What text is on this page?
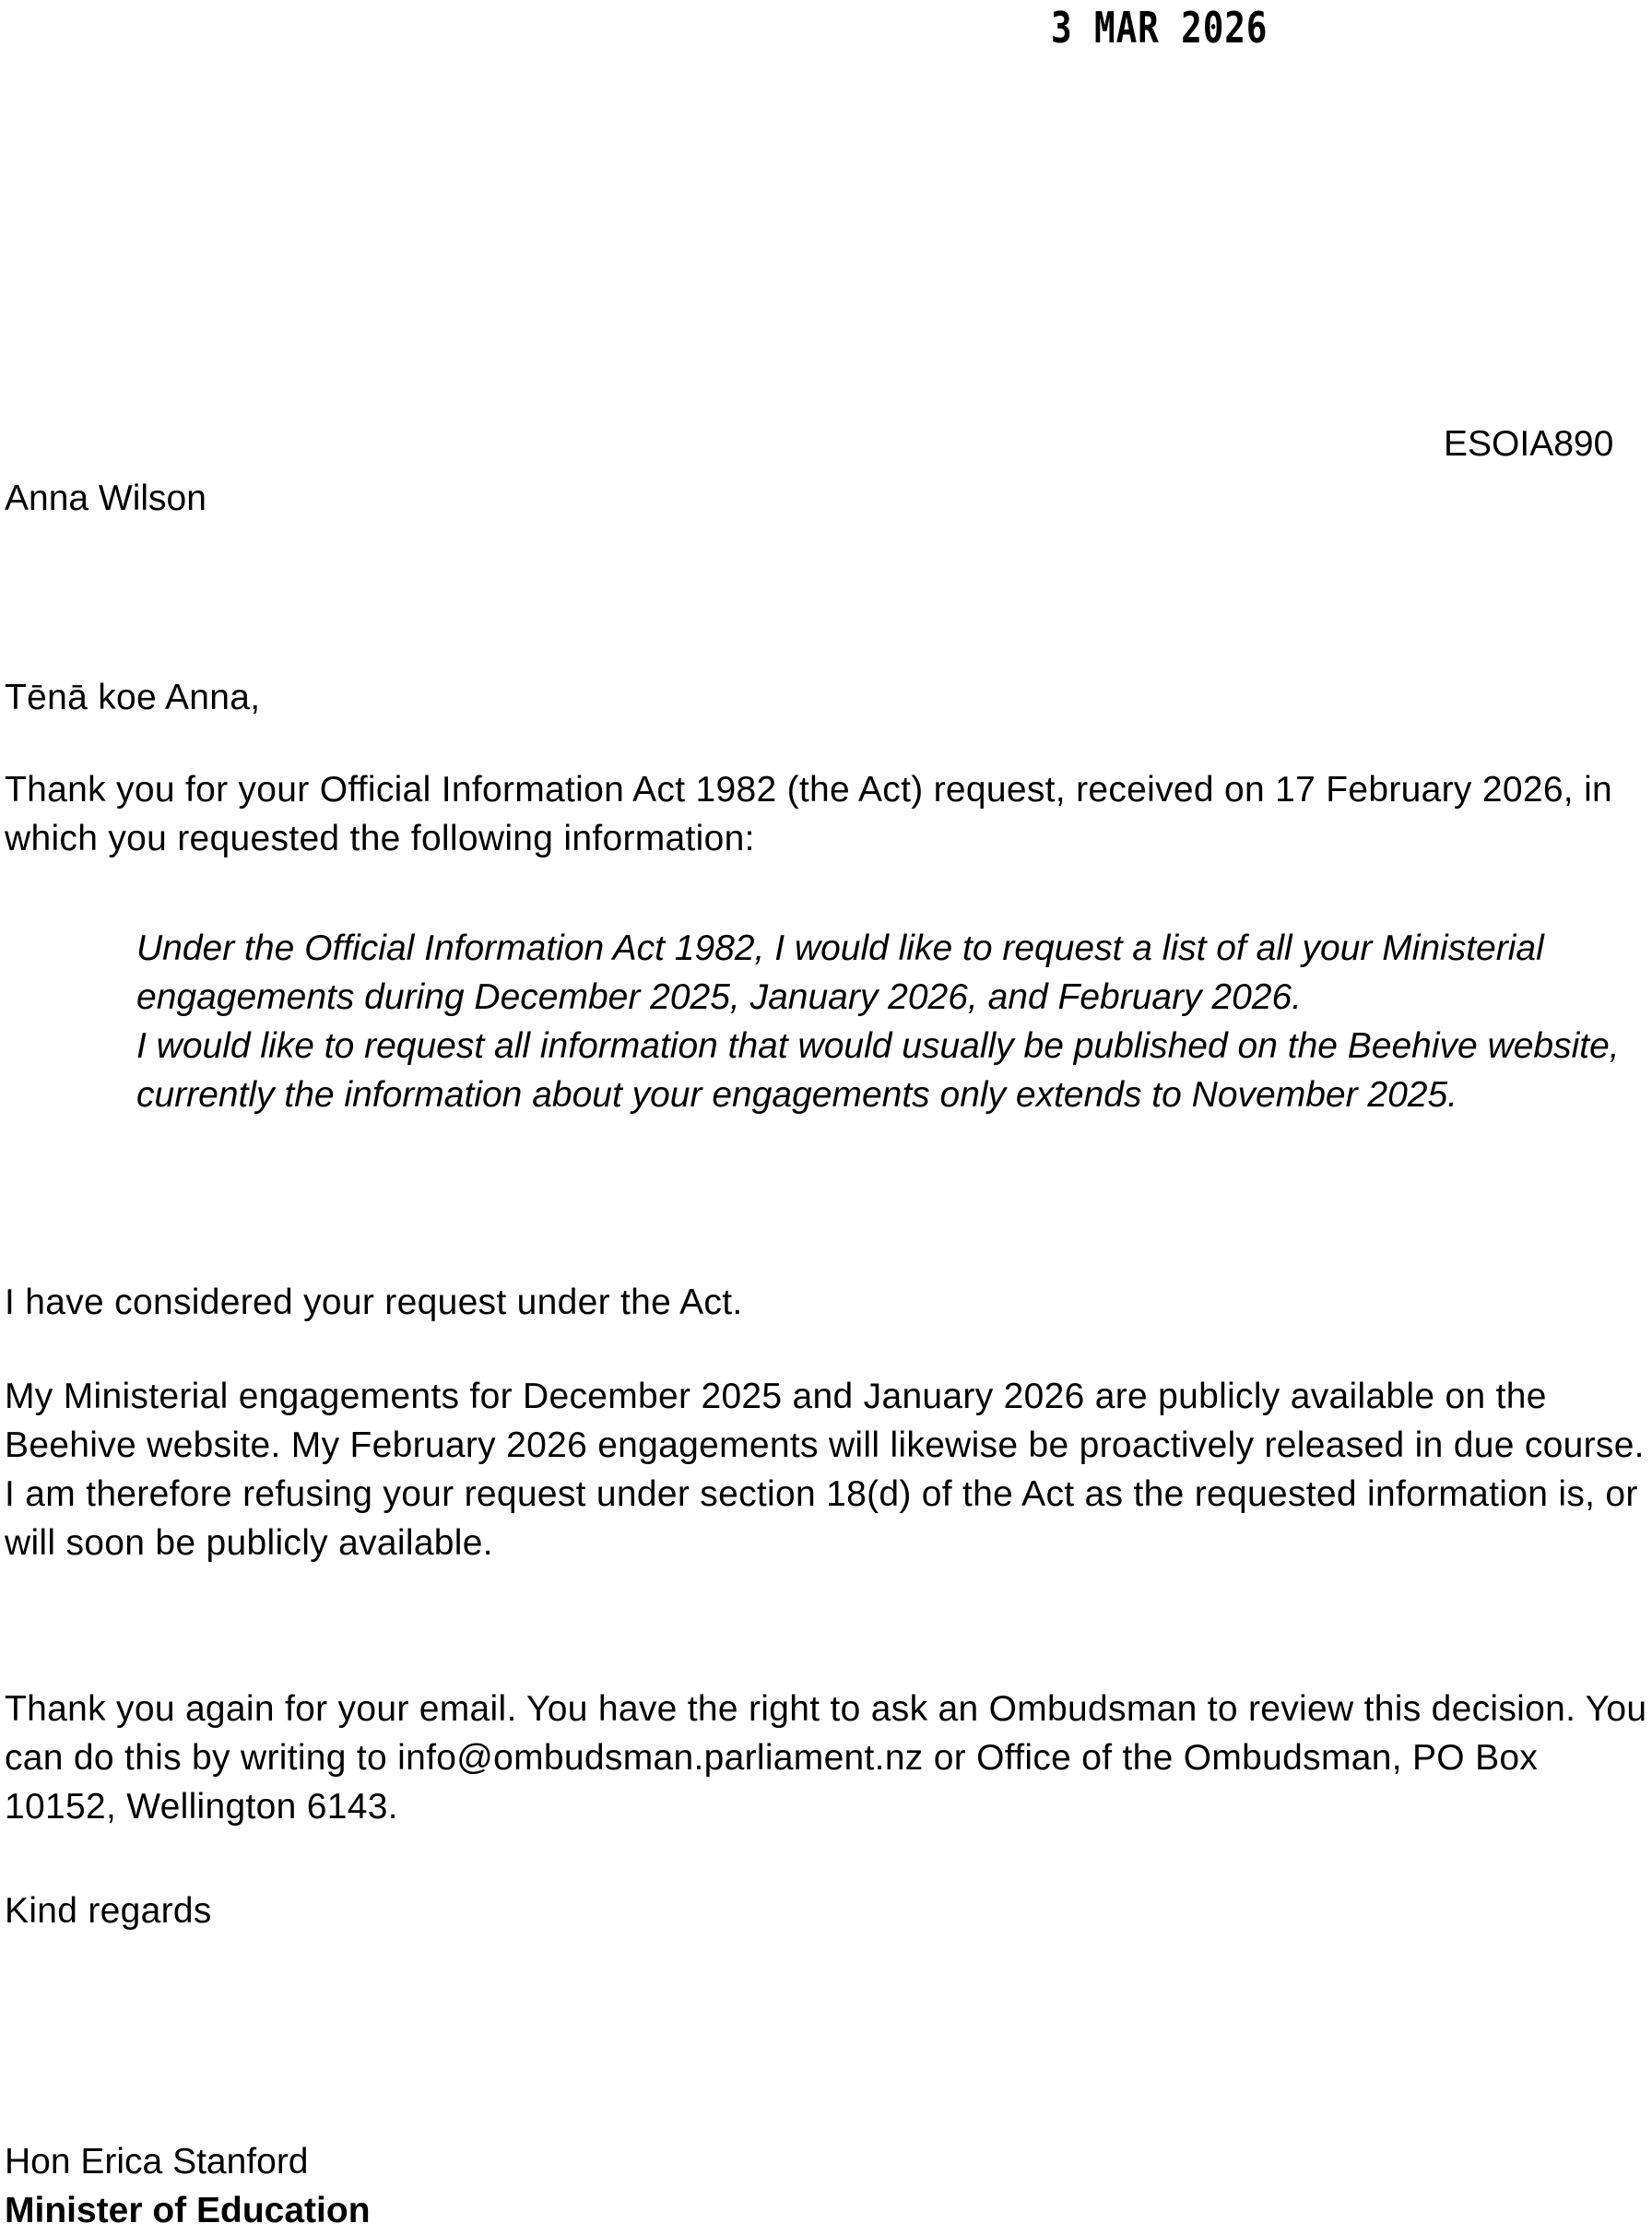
3 MAR 2026
ESOIA890
Anna Wilson

Tēnā koe Anna,

Thank you for your Official Information Act 1982 (the Act) request, received on 17 February 2026, in which you requested the following information:

Under the Official Information Act 1982, I would like to request a list of all your Ministerial engagements during December 2025, January 2026, and February 2026.

I would like to request all information that would usually be published on the Beehive website, currently the information about your engagements only extends to November 2025.

I have considered your request under the Act.

My Ministerial engagements for December 2025 and January 2026 are publicly available on the Beehive website. My February 2026 engagements will likewise be proactively released in due course. I am therefore refusing your request under section 18(d) of the Act as the requested information is, or will soon be publicly available.

Thank you again for your email. You have the right to ask an Ombudsman to review this decision. You can do this by writing to info@ombudsman.parliament.nz or Office of the Ombudsman, PO Box 10152, Wellington 6143.

Kind regards

Hon Erica Stanford
Minister of Education
